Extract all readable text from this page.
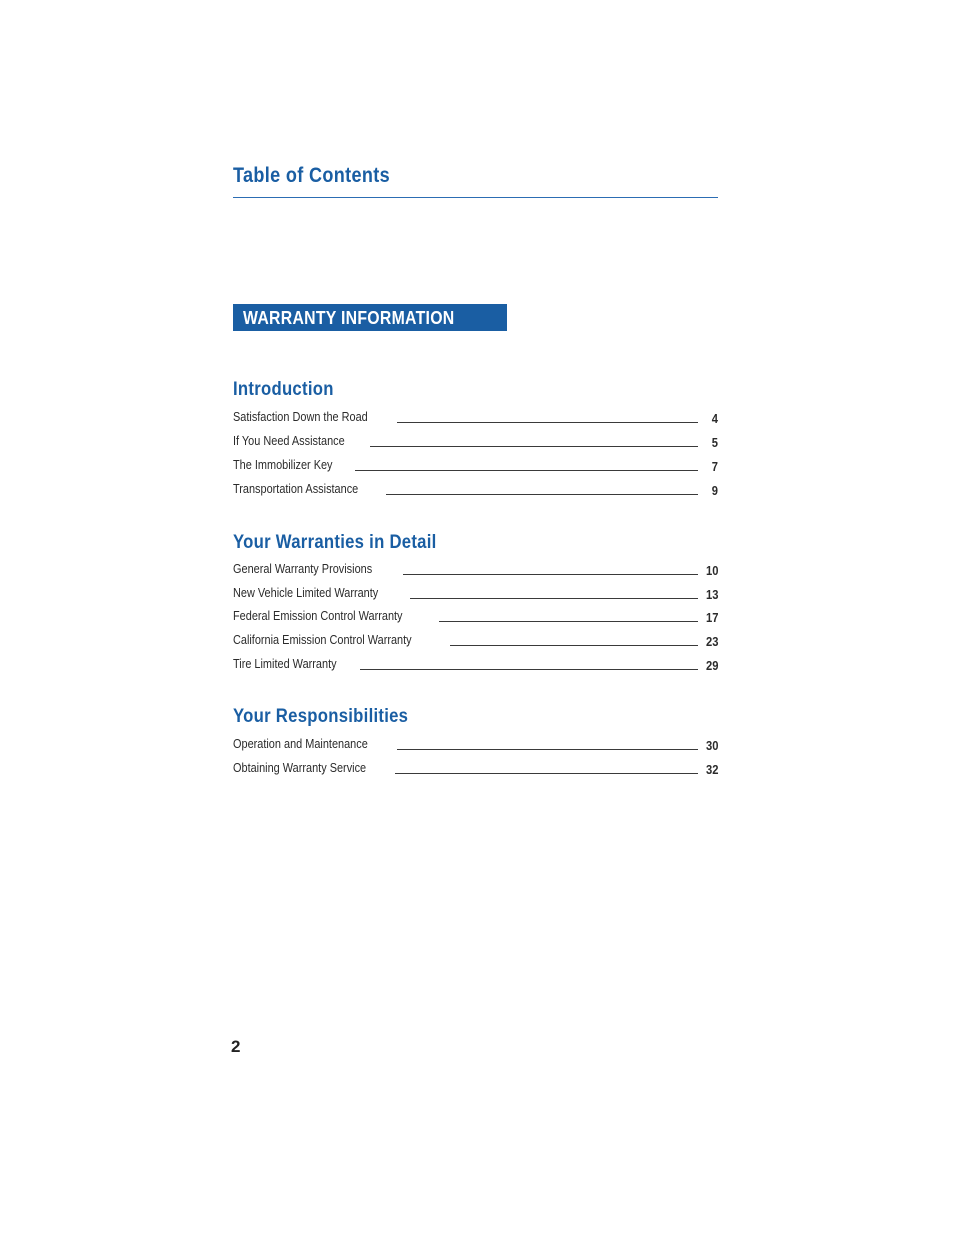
Table of Contents
WARRANTY INFORMATION
Introduction
Satisfaction Down the Road	4
If You Need Assistance	5
The Immobilizer Key	7
Transportation Assistance	9
Your Warranties in Detail
General Warranty Provisions	10
New Vehicle Limited Warranty	13
Federal Emission Control Warranty	17
California Emission Control Warranty	23
Tire Limited Warranty	29
Your Responsibilities
Operation and Maintenance	30
Obtaining Warranty Service	32
2
